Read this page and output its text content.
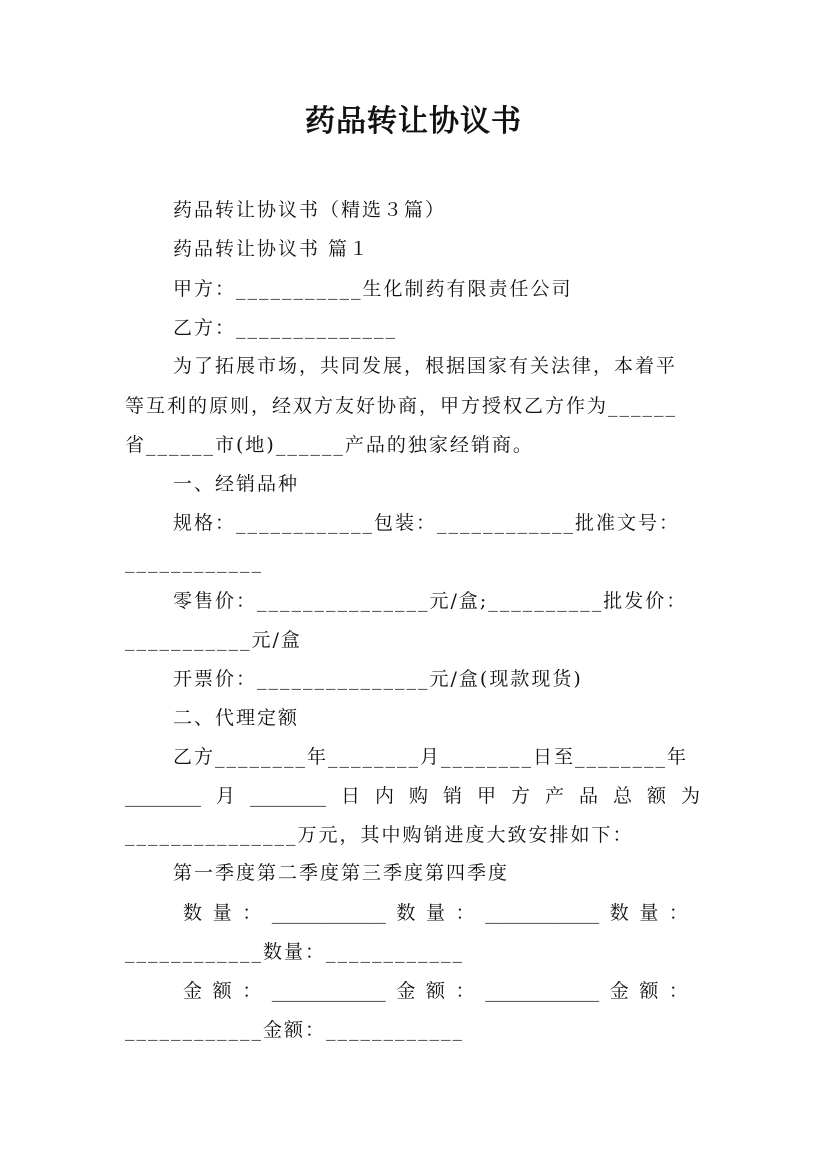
药品转让协议书
药品转让协议书（精选３篇）
药品转让协议书 篇１
甲方：___________生化制药有限责任公司
乙方：______________
为了拓展市场，共同发展，根据国家有关法律，本着平
等互利的原则，经双方友好协商，甲方授权乙方作为______
省______市(地)______产品的独家经销商。
一、经销品种
规格：____________包装：____________批准文号：
____________
零售价：_______________元/盒;__________批发价：
___________元/盒
开票价：_______________元/盒(现款现货)
二、代理定额
乙方________年________月________日至________年
________ 月 ________ 日 内 购 销 甲 方 产 品 总 额 为
_______________万元，其中购销进度大致安排如下：
第一季度第二季度第三季度第四季度
数 量 ： ____________ 数 量 ： ____________ 数 量 ：
____________数量：____________
金 额 ： ____________ 金 额 ： ____________ 金 额 ：
____________金额：____________
